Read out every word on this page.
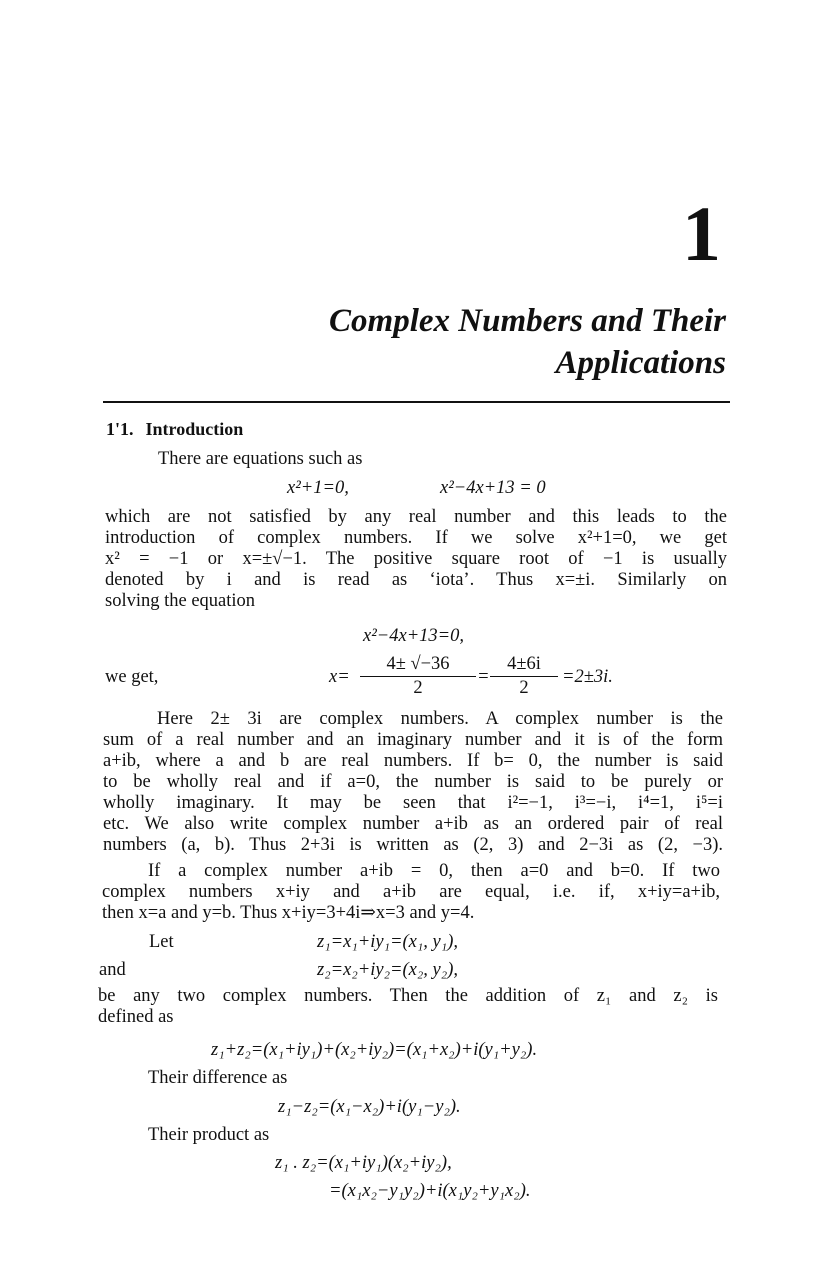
1
Complex Numbers and Their
Applications
1'1. Introduction
There are equations such as
x²+1=0,	x²−4x+13 = 0
which are not satisfied by any real number and this leads to the
introduction of complex numbers. If we solve x²+1=0, we get
x² = −1 or x=±√−1. The positive square root of −1 is usually
denoted by i and is read as ‘iota’. Thus x=±i. Similarly on
solving the equation
x²−4x+13=0,
we get,	$x= \frac{4\pm √-36}{2} = \frac{4\pm 6i}{2} =2\pm 3i$.
Here 2± 3i are complex numbers. A complex number is the
sum of a real number and an imaginary number and it is of the form
a+ib, where a and b are real numbers. If b= 0, the number is said
to be wholly real and if a=0, the number is said to be purely or
wholly imaginary. It may be seen that i²=−1, i³=−i, i⁴=1, i⁵=i
etc. We also write complex number a+ib as an ordered pair of real
numbers (a, b). Thus 2+3i is written as (2, 3) and 2−3i as (2, −3).
If a complex number a+ib = 0, then a=0 and b=0. If two
complex numbers x+iy and a+ib are equal, i.e. if, x+iy=a+ib,
then x=a and y=b. Thus x+iy=3+4i⇒x=3 and y=4.
Let	z₁=x₁+iy₁=(x₁, y₁),
and	z₂=x₂+iy₂=(x₂, y₂),
be any two complex numbers. Then the addition of z₁ and z₂ is
defined as
z₁+z₂=(x₁+iy₁)+(x₂+iy₂)=(x₁+x₂)+i(y₁+y₂).
Their difference as
z₁−z₂=(x₁−x₂)+i(y₁−y₂).
Their product as
z₁ . z₂=(x₁+iy₁)(x₂+iy₂),
=(x₁x₂−y₁y₂)+i(x₁y₂+y₁x₂).
